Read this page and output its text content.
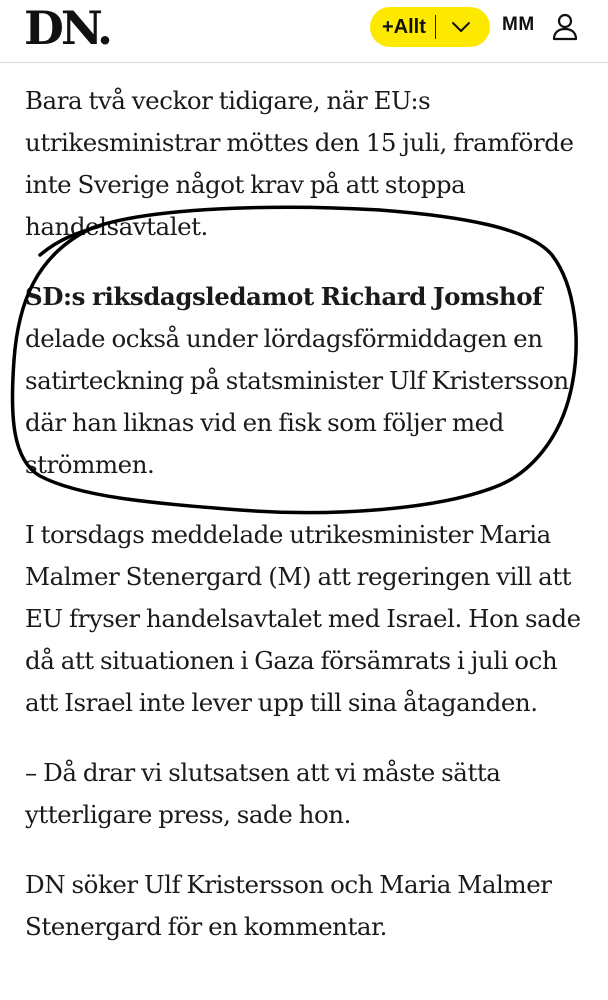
DN.	+Allt	MM

Bara två veckor tidigare, när EU:s utrikesministrar möttes den 15 juli, framförde inte Sverige något krav på att stoppa handelsavtalet.

SD:s riksdagsledamot Richard Jomshof delade också under lördagsförmiddagen en satirteckning på statsminister Ulf Kristersson där han liknas vid en fisk som följer med strömmen.

I torsdags meddelade utrikesminister Maria Malmer Stenergard (M) att regeringen vill att EU fryser handelsavtalet med Israel. Hon sade då att situationen i Gaza försämrats i juli och att Israel inte lever upp till sina åtaganden.

– Då drar vi slutsatsen att vi måste sätta ytterligare press, sade hon.

DN söker Ulf Kristersson och Maria Malmer Stenergard för en kommentar.
